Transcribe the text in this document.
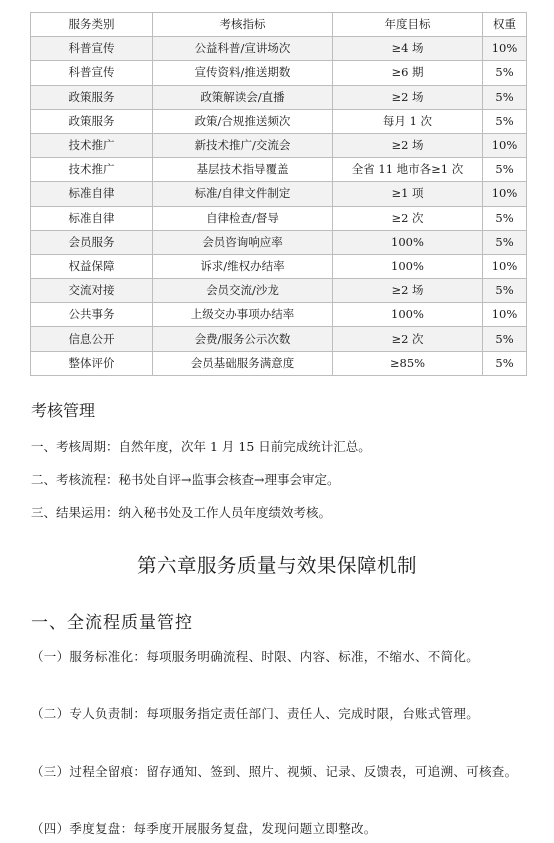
服务类别	考核指标	年度目标	权重
科普宣传	公益科普/宣讲场次	≥4 场	10%
科普宣传	宣传资料/推送期数	≥6 期	5%
政策服务	政策解读会/直播	≥2 场	5%
政策服务	政策/合规推送频次	每月 1 次	5%
技术推广	新技术推广/交流会	≥2 场	10%
技术推广	基层技术指导覆盖	全省 11 地市各≥1 次	5%
标准自律	标准/自律文件制定	≥1 项	10%
标准自律	自律检查/督导	≥2 次	5%
会员服务	会员咨询响应率	100%	5%
权益保障	诉求/维权办结率	100%	10%
交流对接	会员交流/沙龙	≥2 场	5%
公共事务	上级交办事项办结率	100%	10%
信息公开	会费/服务公示次数	≥2 次	5%
整体评价	会员基础服务满意度	≥85%	5%
考核管理
一、考核周期：自然年度，次年 1 月 15 日前完成统计汇总。
二、考核流程：秘书处自评→监事会核查→理事会审定。
三、结果运用：纳入秘书处及工作人员年度绩效考核。
第六章服务质量与效果保障机制
一、全流程质量管控
（一）服务标准化：每项服务明确流程、时限、内容、标准，不缩水、不简化。
（二）专人负责制：每项服务指定责任部门、责任人、完成时限，台账式管理。
（三）过程全留痕：留存通知、签到、照片、视频、记录、反馈表，可追溯、可核查。
（四）季度复盘：每季度开展服务复盘，发现问题立即整改。
